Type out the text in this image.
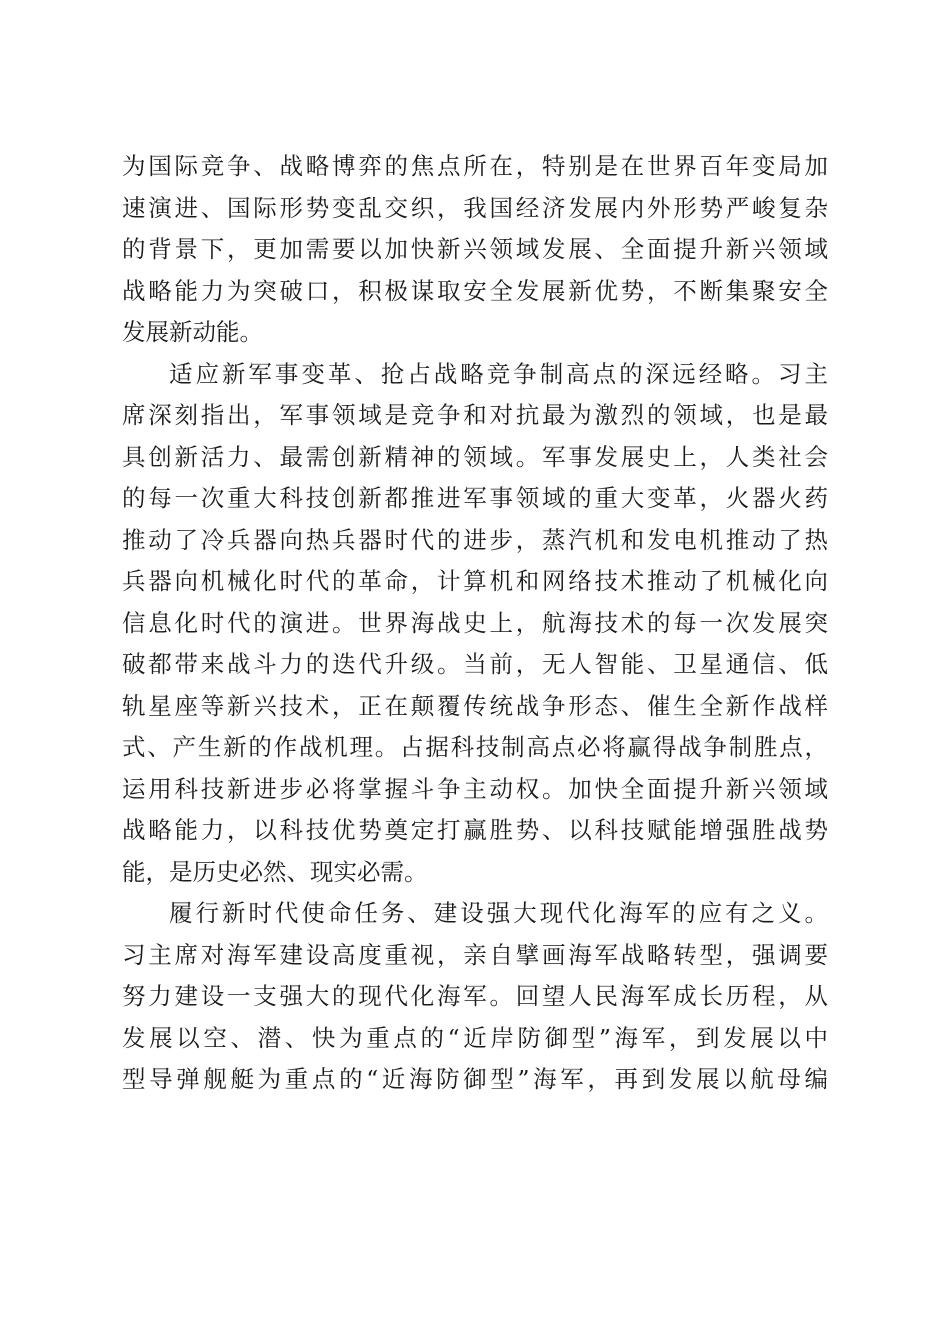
为国际竞争、战略博弈的焦点所在，特别是在世界百年变局加
速演进、国际形势变乱交织，我国经济发展内外形势严峻复杂
的背景下，更加需要以加快新兴领域发展、全面提升新兴领域
战略能力为突破口，积极谋取安全发展新优势，不断集聚安全
发展新动能。
适应新军事变革、抢占战略竞争制高点的深远经略。习主
席深刻指出，军事领域是竞争和对抗最为激烈的领域，也是最
具创新活力、最需创新精神的领域。军事发展史上，人类社会
的每一次重大科技创新都推进军事领域的重大变革，火器火药
推动了冷兵器向热兵器时代的进步，蒸汽机和发电机推动了热
兵器向机械化时代的革命，计算机和网络技术推动了机械化向
信息化时代的演进。世界海战史上，航海技术的每一次发展突
破都带来战斗力的迭代升级。当前，无人智能、卫星通信、低
轨星座等新兴技术，正在颠覆传统战争形态、催生全新作战样
式、产生新的作战机理。占据科技制高点必将赢得战争制胜点，
运用科技新进步必将掌握斗争主动权。加快全面提升新兴领域
战略能力，以科技优势奠定打赢胜势、以科技赋能增强胜战势
能，是历史必然、现实必需。
履行新时代使命任务、建设强大现代化海军的应有之义。
习主席对海军建设高度重视，亲自擘画海军战略转型，强调要
努力建设一支强大的现代化海军。回望人民海军成长历程，从
发展以空、潜、快为重点的“近岸防御型”海军，到发展以中
型导弹舰艇为重点的“近海防御型”海军，再到发展以航母编
